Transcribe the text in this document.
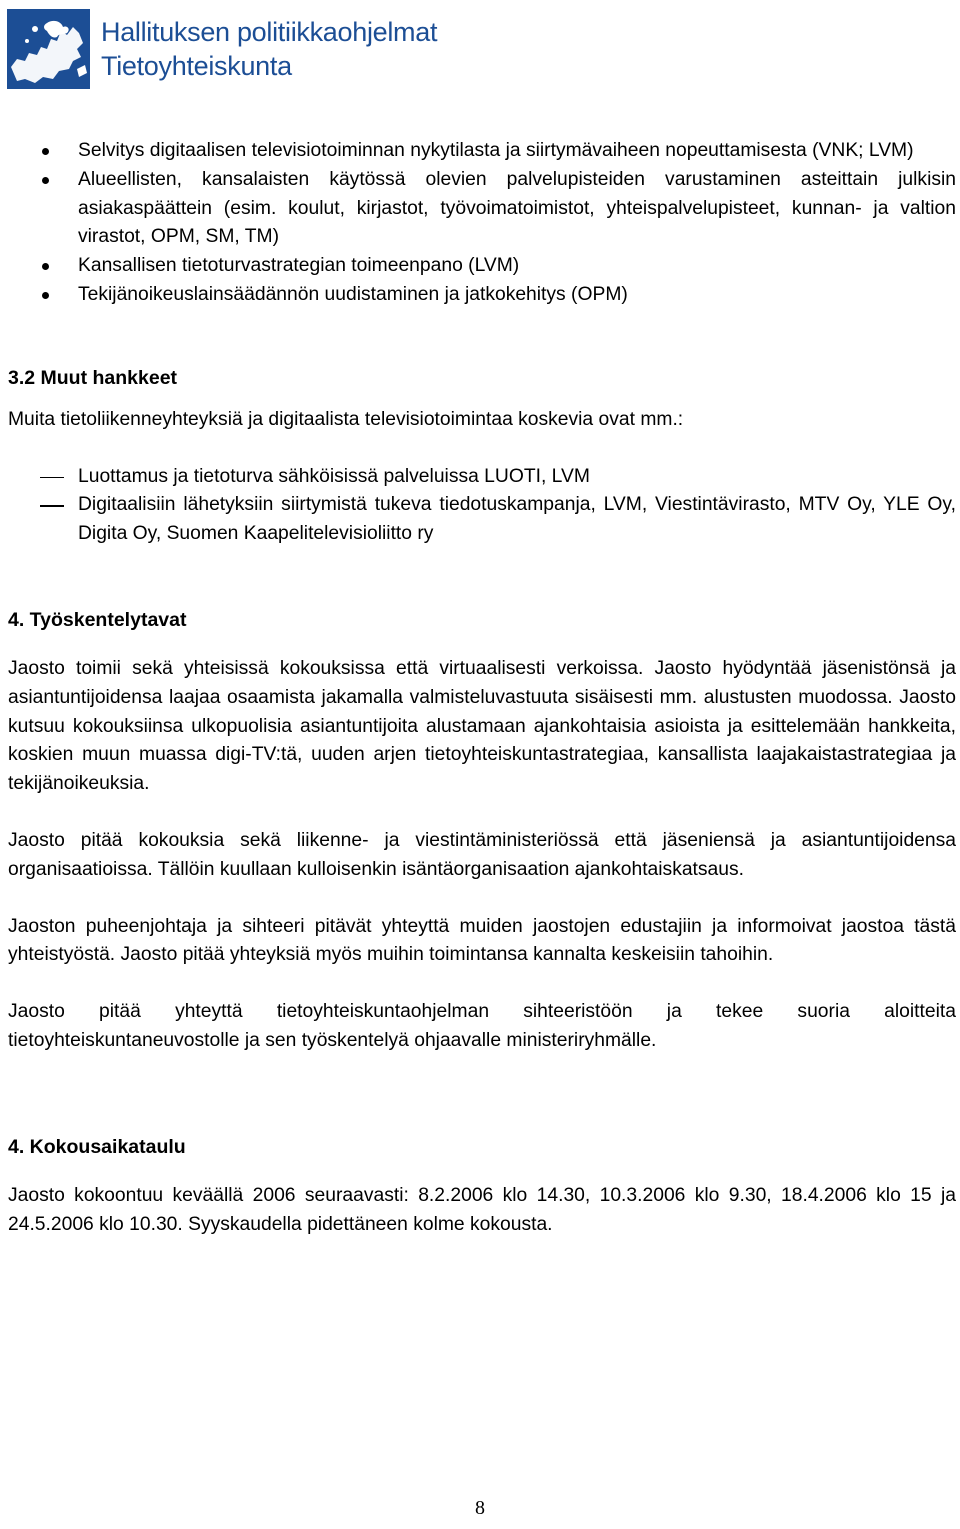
Hallituksen politiikkaohjelmat
Tietoyhteiskunta
Selvitys digitaalisen televisiotoiminnan nykytilasta ja siirtymävaiheen nopeuttamisesta (VNK; LVM)
Alueellisten, kansalaisten käytössä olevien palvelupisteiden varustaminen asteittain julkisin asiakaspäättein (esim. koulut, kirjastot, työvoimatoimistot, yhteispalvelupisteet, kunnan- ja valtion virastot, OPM, SM, TM)
Kansallisen tietoturvastrategian toimeenpano (LVM)
Tekijänoikeuslainsäädännön uudistaminen ja jatkokehitys (OPM)
3.2 Muut hankkeet

Muita tietoliikenneyhteyksiä ja digitaalista televisiotoimintaa koskevia ovat mm.:

Luottamus ja tietoturva sähköisissä palveluissa LUOTI, LVM
Digitaalisiin lähetyksiin siirtymistä tukeva tiedotuskampanja, LVM, Viestintävirasto, MTV Oy, YLE Oy, Digita Oy, Suomen Kaapelitelevisioliitto ry
4. Työskentelytavat

Jaosto toimii sekä yhteisissä kokouksissa että virtuaalisesti verkoissa. Jaosto hyödyntää jäsenistönsä ja asiantuntijoidensa laajaa osaamista jakamalla valmisteluvastuuta sisäisesti mm. alustusten muodossa. Jaosto kutsuu kokouksiinsa ulkopuolisia asiantuntijoita alustamaan ajankohtaisia asioista ja esittelemään hankkeita, koskien muun muassa digi-TV:tä, uuden arjen tietoyhteiskuntastrategiaa, kansallista laajakaistastrategiaa ja tekijänoikeuksia.

Jaosto pitää kokouksia sekä liikenne- ja viestintäministeriössä että jäseniensä ja asiantuntijoidensa organisaatioissa. Tällöin kuullaan kulloisenkin isäntäorganisaation ajankohtaiskatsaus.

Jaoston puheenjohtaja ja sihteeri pitävät yhteyttä muiden jaostojen edustajiin ja informoivat jaostoa tästä yhteistyöstä. Jaosto pitää yhteyksiä myös muihin toimintansa kannalta keskeisiin tahoihin.

Jaosto pitää yhteyttä tietoyhteiskuntaohjelman sihteeristöön ja tekee suoria aloitteita tietoyhteiskuntaneuvostolle ja sen työskentelyä ohjaavalle ministeriryhmälle.

4. Kokousaikataulu

Jaosto kokoontuu keväällä 2006 seuraavasti: 8.2.2006 klo 14.30, 10.3.2006 klo 9.30, 18.4.2006 klo 15 ja 24.5.2006 klo 10.30. Syyskaudella pidettäneen kolme kokousta.

8
